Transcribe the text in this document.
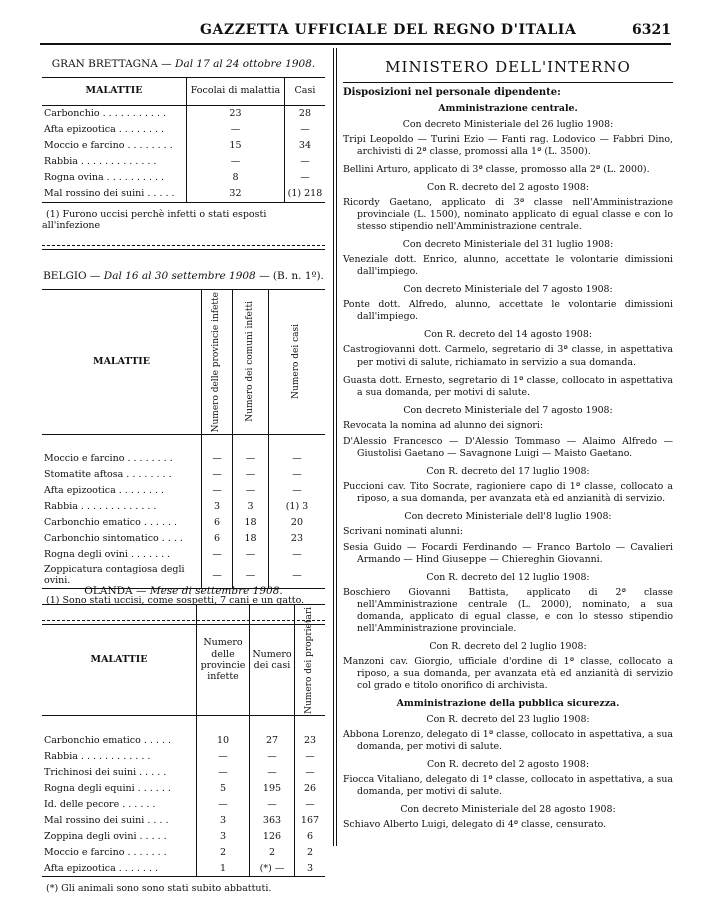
GAZZETTA UFFICIALE DEL REGNO D'ITALIA	6321
GRAN BRETTAGNA — Dal 17 al 24 ottobre 1908.
MALATTIE	Focolai di malattia	Casi
Carbonchio . . . . . . . . . . .	23	28
Afta epizootica . . . . . . . .	—	—
Moccio e farcino . . . . . . . .	15	34
Rabbia . . . . . . . . . . . . .	—	—
Rogna ovina . . . . . . . . . .	8	—
Mal rossino dei suini . . . . .	32	(1) 218
(1) Furono uccisi perchè infetti o stati esposti all'infezione
BELGIO — Dal 16 al 30 settembre 1908 — (B. n. 1º).
MALATTIE	Numero delle provincie infette	Numero dei comuni infetti	Numero dei casi

Moccio e farcino . . . . . . . .	—	—	—
Stomatite aftosa . . . . . . . .	—	—	—
Afta epizootica . . . . . . . .	—	—	—
Rabbia . . . . . . . . . . . . .	3	3	(1) 3
Carbonchio ematico . . . . . .	6	18	20
Carbonchio sintomatico . . . .	6	18	23
Rogna degli ovini . . . . . . .	—	—	—
Zoppicatura contagiosa degli ovini.	—	—	—
(1) Sono stati uccisi, come sospetti, 7 cani e un gatto.
OLANDA — Mese di settembre 1908.
MALATTIE	Numero delle provincie infette	Numero dei casi	Numero dei proprietari

Carbonchio ematico . . . . .	10	27	23
Rabbia . . . . . . . . . . . .	—	—	—
Trichinosi dei suini . . . . .	—	—	—
Rogna degli equini . . . . . .	5	195	26
Id. delle pecore . . . . . .	—	—	—
Mal rossino dei suini . . . .	3	363	167
Zoppina degli ovini . . . . .	3	126	6
Moccio e farcino . . . . . . .	2	2	2
Afta epizootica . . . . . . .	1	(*) —	3
(*) Gli animali sono sono stati subito abbattuti.
MINISTERO DELL'INTERNO
Disposizioni nel personale dipendente:
Amministrazione centrale.
Con decreto Ministeriale del 26 luglio 1908:
Tripi Leopoldo — Turini Ezio — Fanti rag. Lodovico — Fabbri Dino, archivisti di 2ª classe, promossi alla 1ª (L. 3500).
Bellini Arturo, applicato di 3ª classe, promosso alla 2ª (L. 2000).
Con R. decreto del 2 agosto 1908:
Ricordy Gaetano, applicato di 3ª classe nell'Amministrazione provinciale (L. 1500), nominato applicato di egual classe e con lo stesso stipendio nell'Amministrazione centrale.
Con decreto Ministeriale del 31 luglio 1908:
Veneziale dott. Enrico, alunno, accettate le volontarie dimissioni dall'impiego.
Con decreto Ministeriale del 7 agosto 1908:
Ponte dott. Alfredo, alunno, accettate le volontarie dimissioni dall'impiego.
Con R. decreto del 14 agosto 1908:
Castrogiovanni dott. Carmelo, segretario di 3ª classe, in aspettativa per motivi di salute, richiamato in servizio a sua domanda.
Guasta dott. Ernesto, segretario di 1ª classe, collocato in aspettativa a sua domanda, per motivi di salute.
Con decreto Ministeriale del 7 agosto 1908:
Revocata la nomina ad alunno dei signori:
D'Alessio Francesco — D'Alessio Tommaso — Alaimo Alfredo — Giustolisi Gaetano — Savagnone Luigi — Maisto Gaetano.
Con R. decreto del 17 luglio 1908:
Puccioni cav. Tito Socrate, ragioniere capo di 1ª classe, collocato a riposo, a sua domanda, per avanzata età ed anzianità di servizio.
Con decreto Ministeriale dell'8 luglio 1908:
Scrivani nominati alunni:
Sesia Guido — Focardi Ferdinando — Franco Bartolo — Cavalieri Armando — Hind Giuseppe — Chiereghin Giovanni.
Con R. decreto del 12 luglio 1908:
Boschiero Giovanni Battista, applicato di 2ª classe nell'Amministrazione centrale (L. 2000), nominato, a sua domanda, applicato di egual classe, e con lo stesso stipendio nell'Amministrazione provinciale.
Con R. decreto del 2 luglio 1908:
Manzoni cav. Giorgio, ufficiale d'ordine di 1ª classe, collocato a riposo, a sua domanda, per avanzata età ed anzianità di servizio col grado e titolo onorifico di archivista.
Amministrazione della pubblica sicurezza.
Con R. decreto del 23 luglio 1908:
Abbona Lorenzo, delegato di 1ª classe, collocato in aspettativa, a sua domanda, per motivi di salute.
Con R. decreto del 2 agosto 1908:
Fiocca Vitaliano, delegato di 1ª classe, collocato in aspettativa, a sua domanda, per motivi di salute.
Con decreto Ministeriale del 28 agosto 1908:
Schiavo Alberto Luigi, delegato di 4ª classe, censurato.
